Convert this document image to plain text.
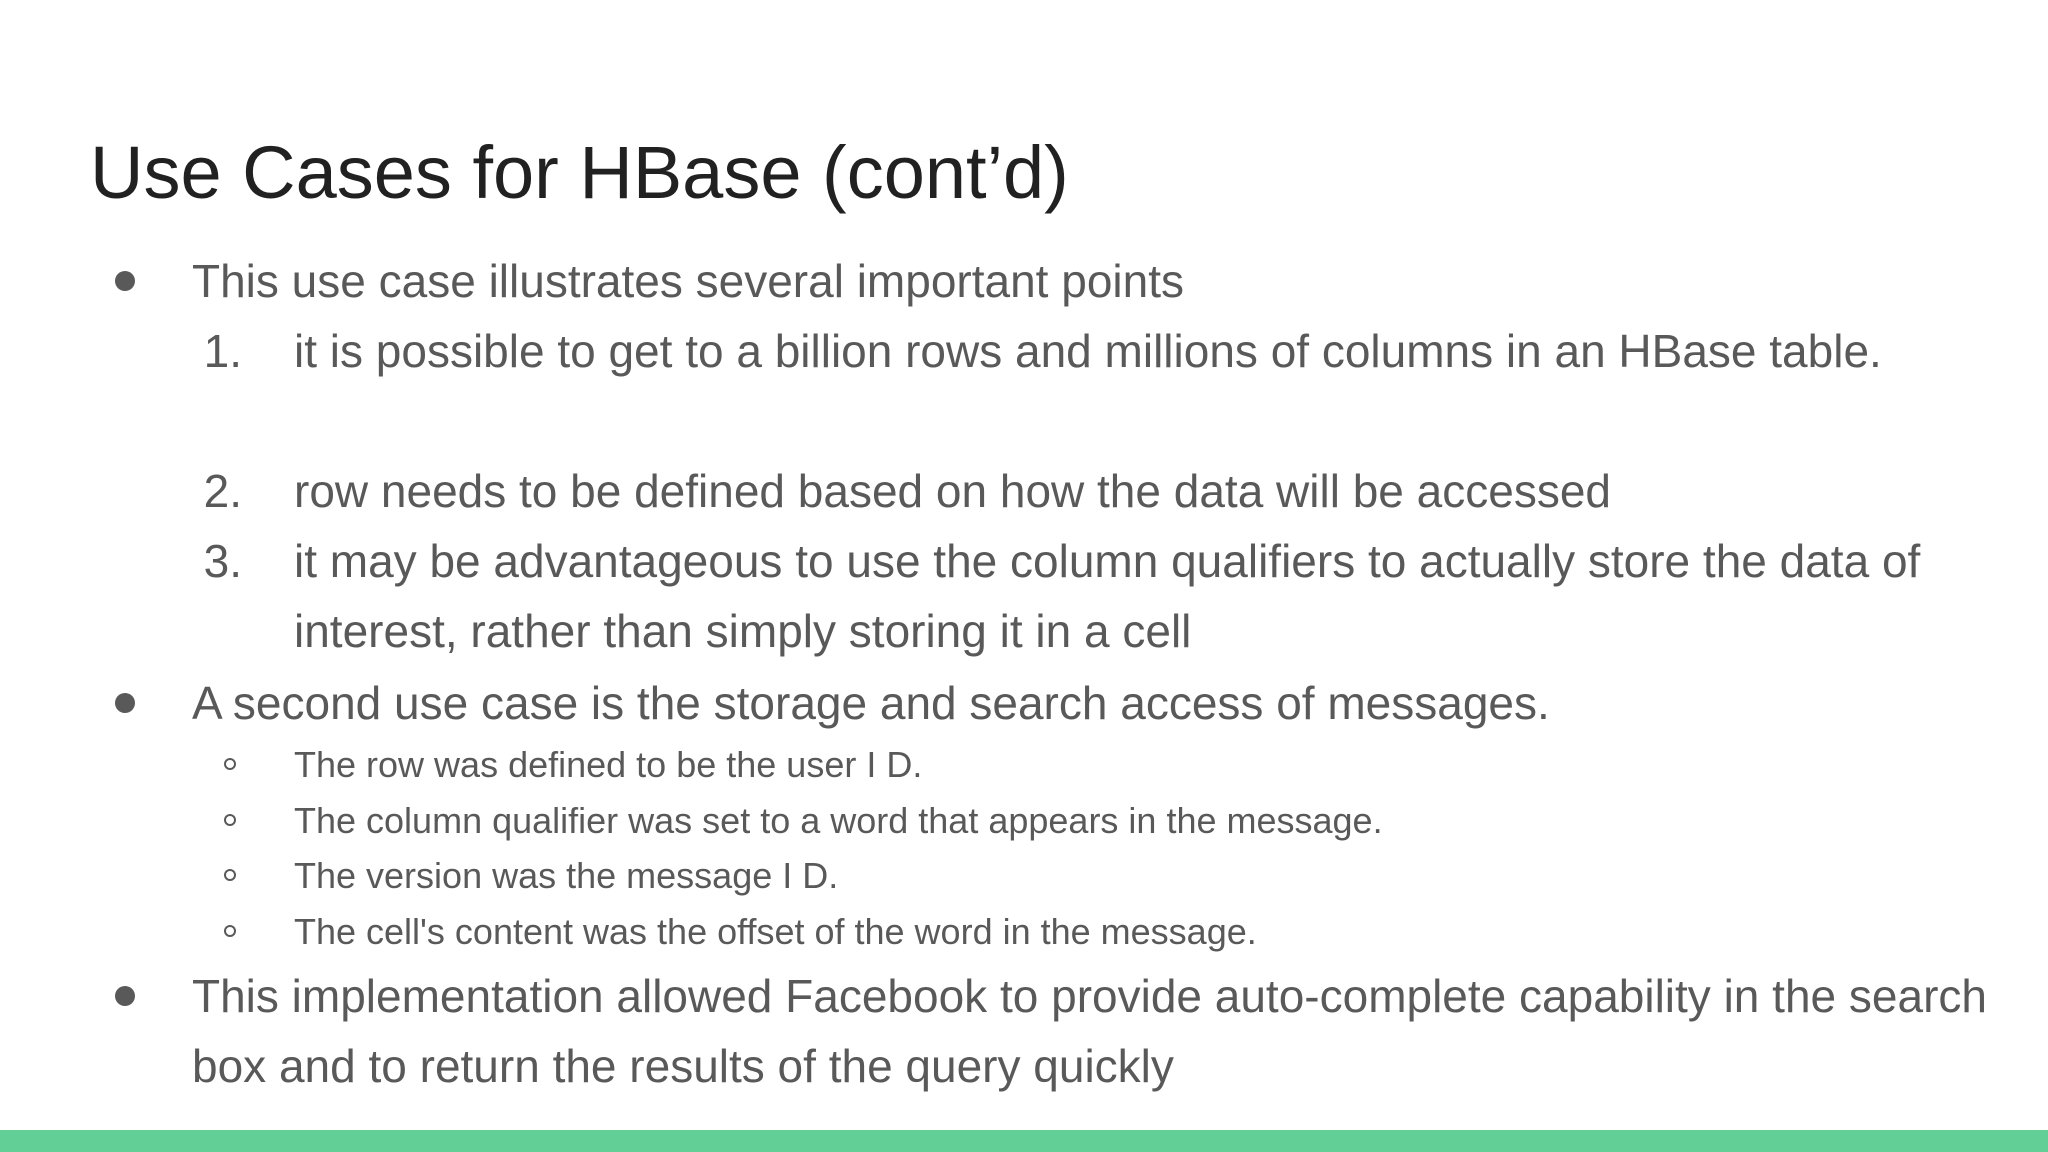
Use Cases for HBase (cont’d)
This use case illustrates several important points
1. it is possible to get to a billion rows and millions of columns in an HBase table.
2. row needs to be defined based on how the data will be accessed
3. it may be advantageous to use the column qualifiers to actually store the data of interest, rather than simply storing it in a cell
A second use case is the storage and search access of messages.
The row was defined to be the user I D.
The column qualifier was set to a word that appears in the message.
The version was the message I D.
The cell's content was the offset of the word in the message.
This implementation allowed Facebook to provide auto-complete capability in the search box and to return the results of the query quickly
